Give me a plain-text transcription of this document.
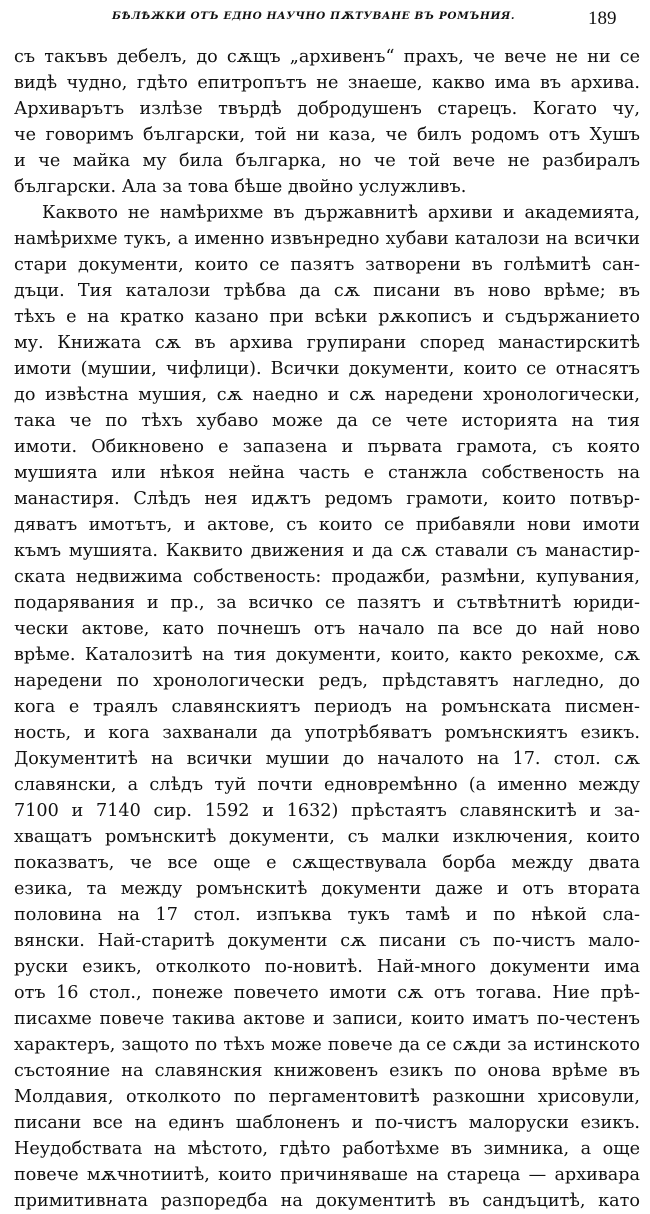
БѢЛѢЖКИ ОТЪ ЕДНО НАУЧНО ПѪТУВАНЕ ВЪ РОМЪНИЯ.	189
съ такъвъ дебелъ, до сѫщъ „архивенъ“ прахъ, че вече не ни се
видѣ чудно, гдѣто епитропътъ не знаеше, какво има въ архива.
Архиварътъ излѣзе твърдѣ добродушенъ старецъ. Когато чу,
че говоримъ български, той ни каза, че билъ родомъ отъ Хушъ
и че майка му била българка, но че той вече не разбиралъ
български. Ала за това бѣше двойно услужливъ.
Каквото не намѣрихме въ държавнитѣ архиви и академията,
намѣрихме тукъ, а именно извънредно хубави каталози на всички
стари документи, които се пазятъ затворени въ голѣмитѣ сан-
дъци. Тия каталози трѣбва да сѫ писани въ ново врѣме; въ
тѣхъ е на кратко казано при всѣки рѫкописъ и съдържанието
му. Книжата сѫ въ архива групирани според манастирскитѣ
имоти (мушии, чифлици). Всички документи, които се отнасятъ
до извѣстна мушия, сѫ наедно и сѫ наредени хронологически,
така че по тѣхъ хубаво може да се чете историята на тия
имоти. Обикновено е запазена и първата грамота, съ която
мушията или нѣкоя нейна часть е станжла собственость на
манастиря. Слѣдъ нея идѫтъ редомъ грамоти, които потвър-
дяватъ имотътъ, и актове, съ които се прибавяли нови имоти
къмъ мушията. Каквито движения и да сѫ ставали съ манастир-
ската недвижима собственость: продажби, размѣни, купувания,
подарявания и пр., за всичко се пазятъ и сътвѣтнитѣ юриди-
чески актове, като почнешъ отъ начало па все до най ново
врѣме. Каталозитѣ на тия документи, които, както рекохме, сѫ
наредени по хронологически редъ, прѣдставятъ нагледно, до
кога е траялъ славянскиятъ периодъ на ромънската писмен-
ность, и кога захванали да употрѣбяватъ ромънскиятъ езикъ.
Документитѣ на всички мушии до началото на 17. стол. сѫ
славянски, а слѣдъ туй почти едновремѣнно (а именно между
7100 и 7140 сир. 1592 и 1632) прѣстаятъ славянскитѣ и за-
хващатъ ромънскитѣ документи, съ малки изключения, които
показватъ, че все още е сѫществувала борба между двата
езика, та между ромънскитѣ документи даже и отъ втората
половина на 17 стол. изпъква тукъ тамѣ и по нѣкой сла-
вянски. Най-старитѣ документи сѫ писани съ по-чистъ мало-
руски езикъ, отколкото по-новитѣ. Най-много документи има
отъ 16 стол., понеже повечето имоти сѫ отъ тогава. Ние прѣ-
писахме повече такива актове и записи, които иматъ по-честенъ
характеръ, защото по тѣхъ може повече да се сѫди за истинското
състояние на славянския книжовенъ езикъ по онова врѣме въ
Молдавия, отколкото по пергаментовитѣ разкошни хрисовули,
писани все на единъ шаблоненъ и по-чистъ малоруски езикъ.
Неудобствата на мѣстото, гдѣто работѣхме въ зимника, а още
повече мѫчнотиитѣ, които причиняваше на стареца — архивара
примитивната разпоредба на документитѣ въ сандъцитѣ, като
